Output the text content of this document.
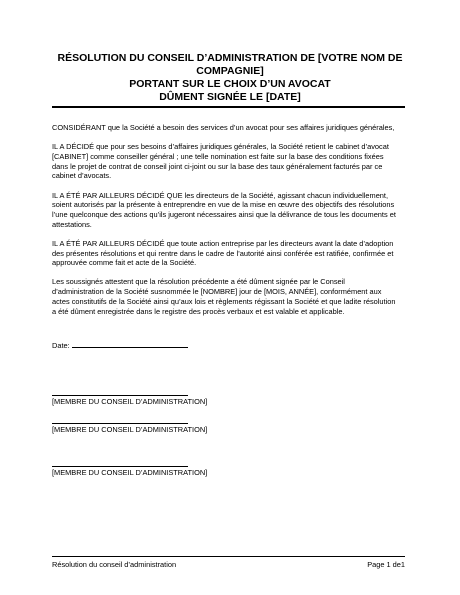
RÉSOLUTION DU CONSEIL D’ADMINISTRATION DE [VOTRE NOM DE
COMPAGNIE]
PORTANT SUR LE CHOIX D’UN AVOCAT
DÛMENT SIGNÉE LE [DATE]

CONSIDÉRANT que la Société a besoin des services d’un avocat pour ses affaires juridiques générales,

IL A DÉCIDÉ que pour ses besoins d’affaires juridiques générales, la Société retient le cabinet d’avocat
[CABINET] comme conseiller général ; une telle nomination est faite sur la base des conditions fixées
dans le projet de contrat de conseil joint ci-joint ou sur la base des taux généralement facturés par ce
cabinet d’avocats.

IL A ÉTÉ PAR AILLEURS DÉCIDÉ QUE les directeurs de la Société, agissant chacun individuellement,
soient autorisés par la présente à entreprendre en vue de la mise en œuvre des objectifs des résolutions
l’une quelconque des actions qu’ils jugeront nécessaires ainsi que la délivrance de tous les documents et
attestations.

IL A ÉTÉ PAR AILLEURS DÉCIDÉ que toute action entreprise par les directeurs avant la date d’adoption
des présentes résolutions et qui rentre dans le cadre de l’autorité ainsi conférée est ratifiée, confirmée et
approuvée comme fait et acte de la Société.

Les soussignés attestent que la résolution précédente a été dûment signée par le Conseil
d’administration de la Société susnommée le [NOMBRE] jour de [MOIS, ANNÉE], conformément aux
actes constitutifs de la Société ainsi qu’aux lois et règlements régissant la Société et que ladite résolution
a été dûment enregistrée dans le registre des procès verbaux et est valable et applicable.

Date:
[MEMBRE DU CONSEIL D’ADMINISTRATION]
[MEMBRE DU CONSEIL D’ADMINISTRATION]
[MEMBRE DU CONSEIL D’ADMINISTRATION]
Résolution du conseil d’administration	Page 1 de1
